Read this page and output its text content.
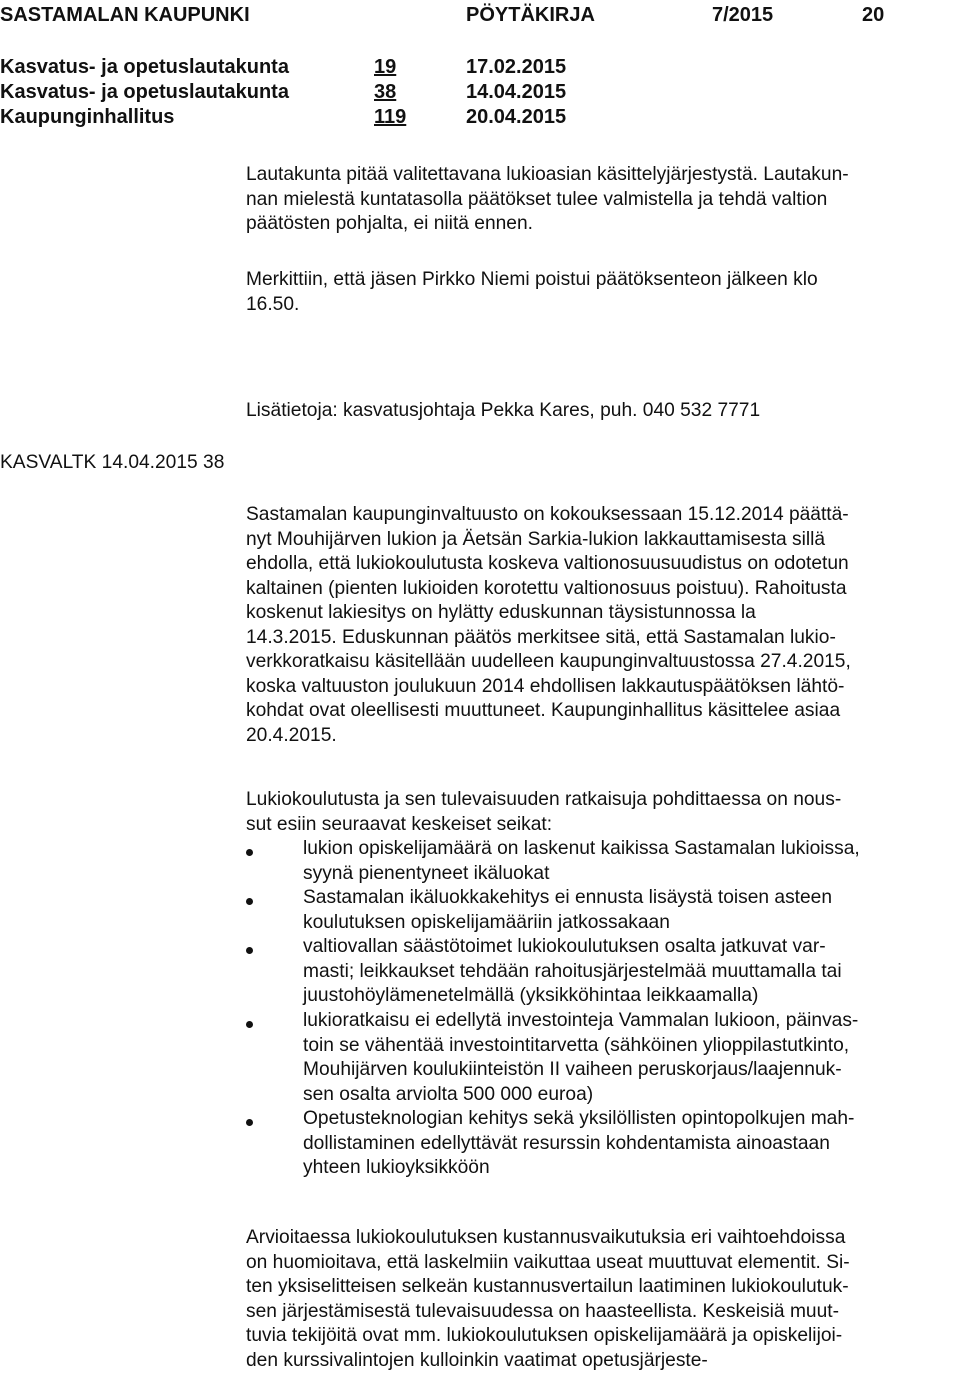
SASTAMALAN KAUPUNKI	PÖYTÄKIRJA	7/2015	20
Kasvatus- ja opetuslautakunta	19	17.02.2015
Kasvatus- ja opetuslautakunta	38	14.04.2015
Kaupunginhallitus	119	20.04.2015
Lautakunta pitää valitettavana lukioasian käsittelyjärjestystä. Lautakun-
nan mielestä kuntatasolla päätökset tulee valmistella ja tehdä valtion
päätösten pohjalta, ei niitä ennen.
Merkittiin, että jäsen Pirkko Niemi poistui päätöksenteon jälkeen klo
16.50.
Lisätietoja: kasvatusjohtaja Pekka Kares, puh. 040 532 7771
KASVALTK 14.04.2015 38
Sastamalan kaupunginvaltuusto on kokouksessaan 15.12.2014 päättä-
nyt Mouhijärven lukion ja Äetsän Sarkia-lukion lakkauttamisesta sillä
ehdolla, että lukiokoulutusta koskeva valtionosuusuudistus on odotetun
kaltainen (pienten lukioiden korotettu valtionosuus poistuu). Rahoitusta
koskenut lakiesitys on hylätty eduskunnan täysistunnossa la
14.3.2015. Eduskunnan päätös merkitsee sitä, että Sastamalan lukio-
verkkoratkaisu käsitellään uudelleen kaupunginvaltuustossa 27.4.2015,
koska valtuuston joulukuun 2014 ehdollisen lakkautuspäätöksen lähtö-
kohdat ovat oleellisesti muuttuneet. Kaupunginhallitus käsittelee asiaa
20.4.2015.
Lukiokoulutusta ja sen tulevaisuuden ratkaisuja pohdittaessa on nous-
sut esiin seuraavat keskeiset seikat:
lukion opiskelijamäärä on laskenut kaikissa Sastamalan lukioissa,
syynä pienentyneet ikäluokat
Sastamalan ikäluokkakehitys ei ennusta lisäystä toisen asteen
koulutuksen opiskelijamääriin jatkossakaan
valtiovallan säästötoimet lukiokoulutuksen osalta jatkuvat var-
masti; leikkaukset tehdään rahoitusjärjestelmää muuttamalla tai
juustohöylämenetelmällä (yksikköhintaa leikkaamalla)
lukioratkaisu ei edellytä investointeja Vammalan lukioon, päinvas-
toin se vähentää investointitarvetta (sähköinen ylioppilastutkinto,
Mouhijärven koulukiinteistön II vaiheen peruskorjaus/laajennuk-
sen osalta arviolta 500 000 euroa)
Opetusteknologian kehitys sekä yksilöllisten opintopolkujen mah-
dollistaminen edellyttävät resurssin kohdentamista ainoastaan
yhteen lukioyksikköön
Arvioitaessa lukiokoulutuksen kustannusvaikutuksia eri vaihtoehdoissa
on huomioitava, että laskelmiin vaikuttaa useat muuttuvat elementit. Si-
ten yksiselitteisen selkeän kustannusvertailun laatiminen lukiokoulutuk-
sen järjestämisestä tulevaisuudessa on haasteellista. Keskeisiä muut-
tuvia tekijöitä ovat mm. lukiokoulutuksen opiskelijamäärä ja opiskelijoi-
den kurssivalintojen kulloinkin vaatimat opetusjärjeste-
